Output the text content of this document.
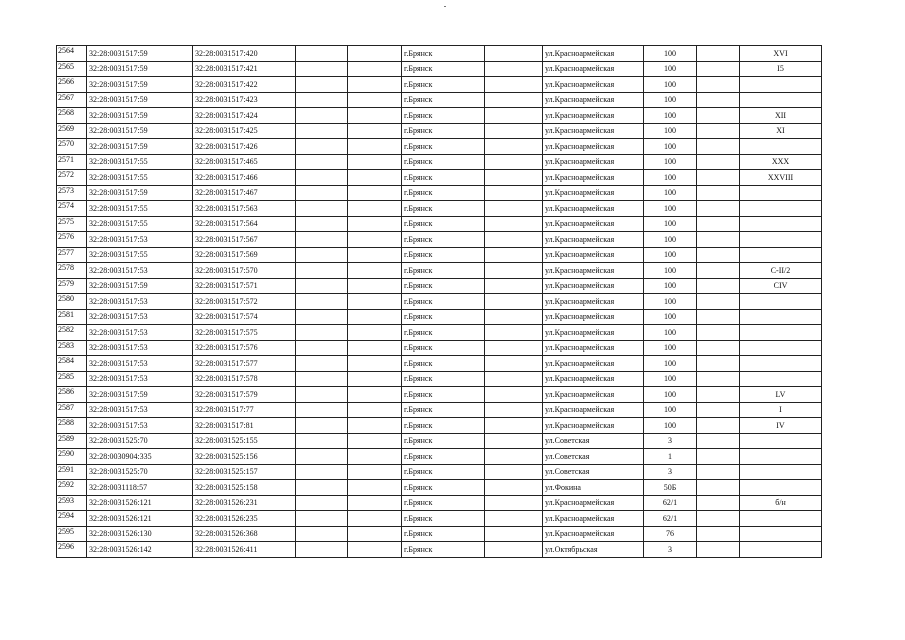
2564	32:28:0031517:59	32:28:0031517:420			г.Брянск		ул.Красноармейская	100		XVI
2565	32:28:0031517:59	32:28:0031517:421			г.Брянск		ул.Красноармейская	100		I5
2566	32:28:0031517:59	32:28:0031517:422			г.Брянск		ул.Красноармейская	100		
2567	32:28:0031517:59	32:28:0031517:423			г.Брянск		ул.Красноармейская	100		
2568	32:28:0031517:59	32:28:0031517:424			г.Брянск		ул.Красноармейская	100		XII
2569	32:28:0031517:59	32:28:0031517:425			г.Брянск		ул.Красноармейская	100		XI
2570	32:28:0031517:59	32:28:0031517:426			г.Брянск		ул.Красноармейская	100		
2571	32:28:0031517:55	32:28:0031517:465			г.Брянск		ул.Красноармейская	100		XXX
2572	32:28:0031517:55	32:28:0031517:466			г.Брянск		ул.Красноармейская	100		XXVIII
2573	32:28:0031517:59	32:28:0031517:467			г.Брянск		ул.Красноармейская	100		
2574	32:28:0031517:55	32:28:0031517:563			г.Брянск		ул.Красноармейская	100		
2575	32:28:0031517:55	32:28:0031517:564			г.Брянск		ул.Красноармейская	100		
2576	32:28:0031517:53	32:28:0031517:567			г.Брянск		ул.Красноармейская	100		
2577	32:28:0031517:55	32:28:0031517:569			г.Брянск		ул.Красноармейская	100		
2578	32:28:0031517:53	32:28:0031517:570			г.Брянск		ул.Красноармейская	100		C-II/2
2579	32:28:0031517:59	32:28:0031517:571			г.Брянск		ул.Красноармейская	100		CIV
2580	32:28:0031517:53	32:28:0031517:572			г.Брянск		ул.Красноармейская	100		
2581	32:28:0031517:53	32:28:0031517:574			г.Брянск		ул.Красноармейская	100		
2582	32:28:0031517:53	32:28:0031517:575			г.Брянск		ул.Красноармейская	100		
2583	32:28:0031517:53	32:28:0031517:576			г.Брянск		ул.Красноармейская	100		
2584	32:28:0031517:53	32:28:0031517:577			г.Брянск		ул.Красноармейская	100		
2585	32:28:0031517:53	32:28:0031517:578			г.Брянск		ул.Красноармейская	100		
2586	32:28:0031517:59	32:28:0031517:579			г.Брянск		ул.Красноармейская	100		LV
2587	32:28:0031517:53	32:28:0031517:77			г.Брянск		ул.Красноармейская	100		I
2588	32:28:0031517:53	32:28:0031517:81			г.Брянск		ул.Красноармейская	100		IV
2589	32:28:0031525:70	32:28:0031525:155			г.Брянск		ул.Советская	3		
2590	32:28:0030904:335	32:28:0031525:156			г.Брянск		ул.Советская	1		
2591	32:28:0031525:70	32:28:0031525:157			г.Брянск		ул.Советская	3		
2592	32:28:0031118:57	32:28:0031525:158			г.Брянск		ул.Фокина	50Б		
2593	32:28:0031526:121	32:28:0031526:231			г.Брянск		ул.Красноармейская	62/1		б/н
2594	32:28:0031526:121	32:28:0031526:235			г.Брянск		ул.Красноармейская	62/1		
2595	32:28:0031526:130	32:28:0031526:368			г.Брянск		ул.Красноармейская	76		
2596	32:28:0031526:142	32:28:0031526:411			г.Брянск		ул.Октябрьская	3		
